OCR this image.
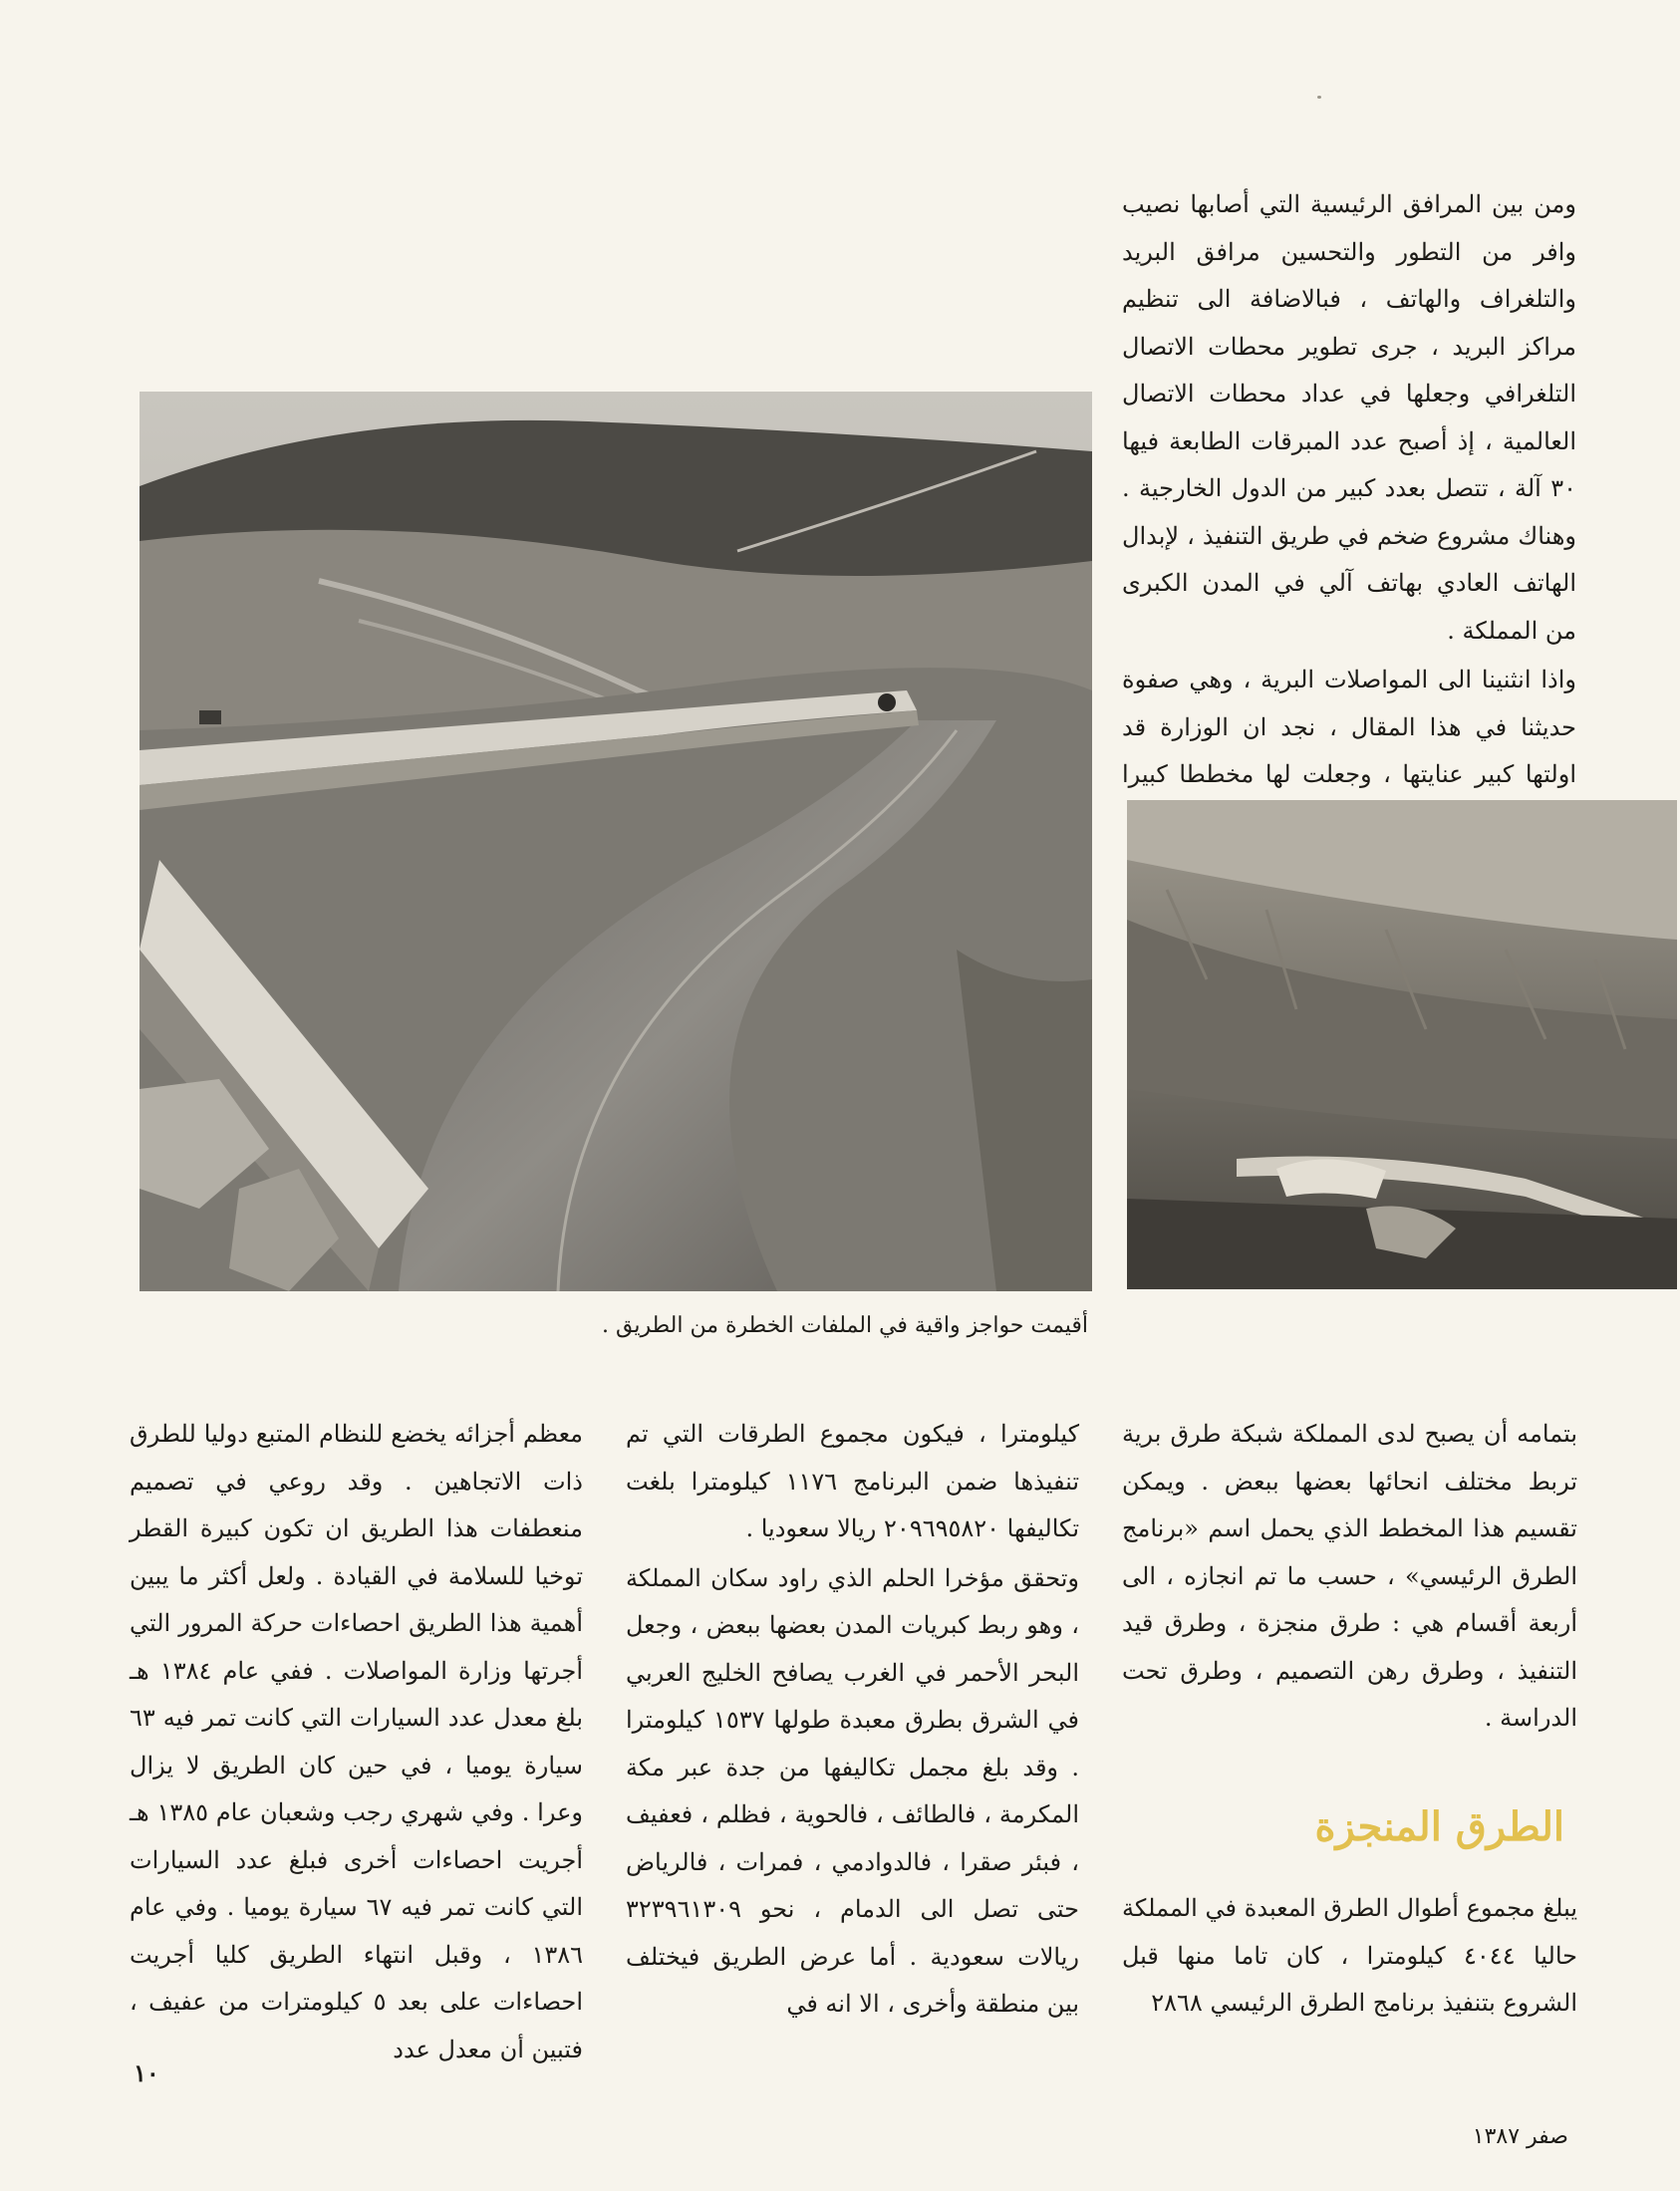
ومن بين المرافق الرئيسية التي أصابها نصيب وافر من التطور والتحسين مرافق البريد والتلغراف والهاتف ، فبالاضافة الى تنظيم مراكز البريد ، جرى تطوير محطات الاتصال التلغرافي وجعلها في عداد محطات الاتصال العالمية ، إذ أصبح عدد المبرقات الطابعة فيها ٣٠ آلة ، تتصل بعدد كبير من الدول الخارجية . وهناك مشروع ضخم في طريق التنفيذ ، لإبدال الهاتف العادي بهاتف آلي في المدن الكبرى من المملكة .

واذا انثنينا الى المواصلات البرية ، وهي صفوة حديثنا في هذا المقال ، نجد ان الوزارة قد اولتها كبير عنايتها ، وجعلت لها مخططا كبيرا

أقيمت حواجز واقية في الملفات الخطرة من الطريق .

بتمامه أن يصبح لدى المملكة شبكة طرق برية تربط مختلف انحائها بعضها ببعض . ويمكن تقسيم هذا المخطط الذي يحمل اسم «برنامج الطرق الرئيسي» ، حسب ما تم انجازه ، الى أربعة أقسام هي : طرق منجزة ، وطرق قيد التنفيذ ، وطرق رهن التصميم ، وطرق تحت الدراسة .

الطرق المنجزة

يبلغ مجموع أطوال الطرق المعبدة في المملكة حاليا ٤٠٤٤ كيلومترا ، كان تاما منها قبل الشروع بتنفيذ برنامج الطرق الرئيسي ٢٨٦٨

كيلومترا ، فيكون مجموع الطرقات التي تم تنفيذها ضمن البرنامج ١١٧٦ كيلومترا بلغت تكاليفها ٢٠٩٦٩٥٨٢٠ ريالا سعوديا .

وتحقق مؤخرا الحلم الذي راود سكان المملكة ، وهو ربط كبريات المدن بعضها ببعض ، وجعل البحر الأحمر في الغرب يصافح الخليج العربي في الشرق بطرق معبدة طولها ١٥٣٧ كيلومترا . وقد بلغ مجمل تكاليفها من جدة عبر مكة المكرمة ، فالطائف ، فالحوية ، فظلم ، فعفيف ، فبئر صقرا ، فالدوادمي ، فمرات ، فالرياض حتى تصل الى الدمام ، نحو ٣٢٣٩٦١٣٠٩ ريالات سعودية . أما عرض الطريق فيختلف بين منطقة وأخرى ، الا انه في

معظم أجزائه يخضع للنظام المتبع دوليا للطرق ذات الاتجاهين . وقد روعي في تصميم منعطفات هذا الطريق ان تكون كبيرة القطر توخيا للسلامة في القيادة . ولعل أكثر ما يبين أهمية هذا الطريق احصاءات حركة المرور التي أجرتها وزارة المواصلات . ففي عام ١٣٨٤ هـ بلغ معدل عدد السيارات التي كانت تمر فيه ٦٣ سيارة يوميا ، في حين كان الطريق لا يزال وعرا . وفي شهري رجب وشعبان عام ١٣٨٥ هـ أجريت احصاءات أخرى فبلغ عدد السيارات التي كانت تمر فيه ٦٧ سيارة يوميا . وفي عام ١٣٨٦ ، وقبل انتهاء الطريق كليا أجريت احصاءات على بعد ٥ كيلومترات من عفيف ، فتبين أن معدل عدد

١٠
صفر ١٣٨٧
